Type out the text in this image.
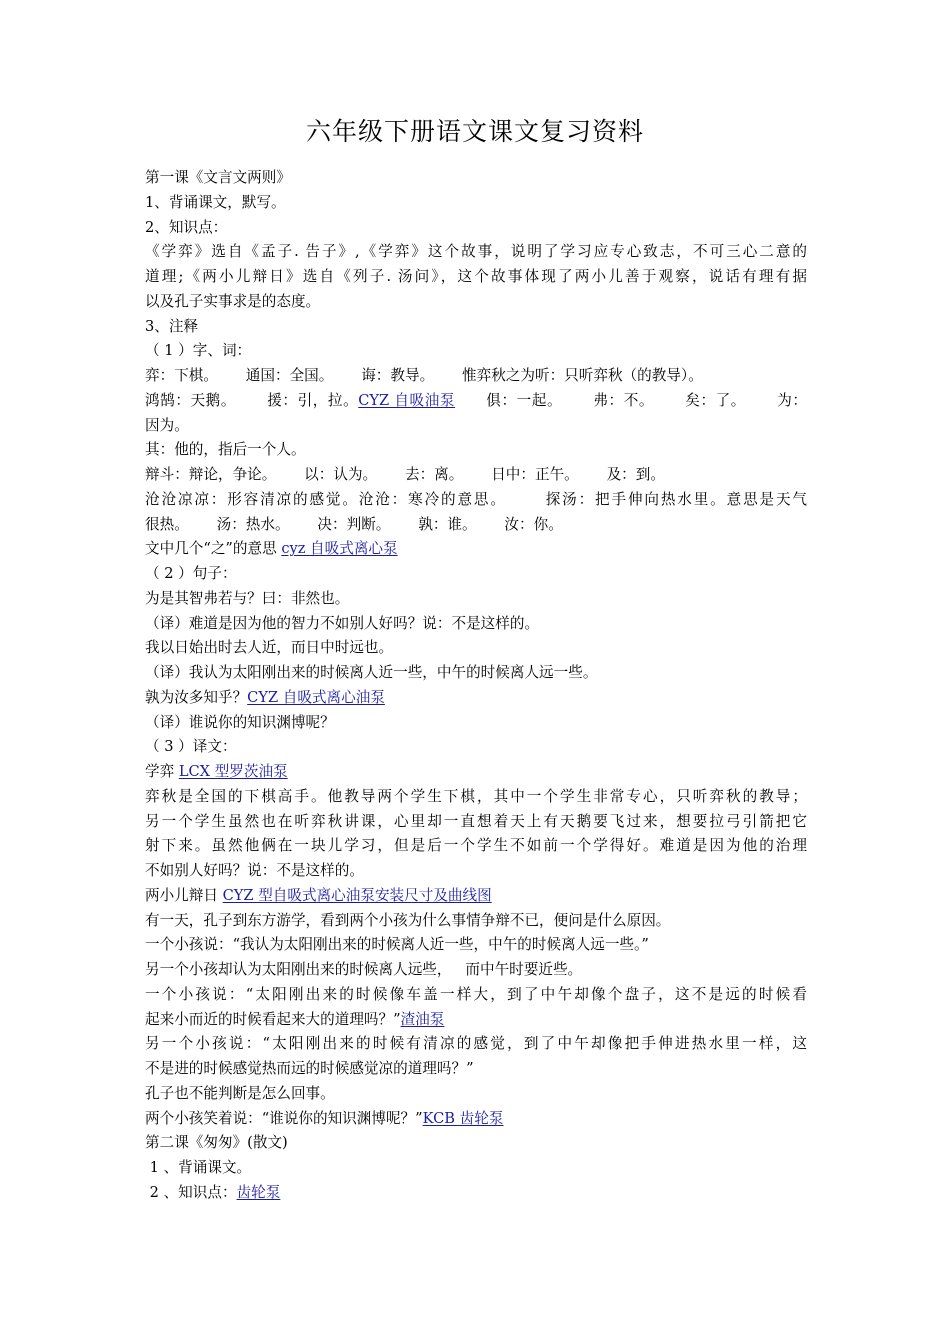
六年级下册语文课文复习资料

第一课《文言文两则》

1、背诵课文，默写。

2、知识点：

《学弈》选自《孟子. 告子》,《学弈》这个故事，说明了学习应专心致志，不可三心二意的

道理;《两小儿辩日》选自《列子. 汤问》，这个故事体现了两小儿善于观察，说话有理有据

以及孔子实事求是的态度。

3、注释

（ 1 ）字、词：

弈：下棋。      通国：全国。      诲：教导。      惟弈秋之为听：只听弈秋（的教导）。

鸿鹄：天鹅。      援：引，拉。CYZ 自吸油泵      俱：一起。      弗：不。      矣：了。      为：

因为。

其：他的，指后一个人。

辩斗：辩论，争论。      以：认为。      去：离。      日中：正午。      及：到。

沧沧凉凉：形容清凉的感觉。沧沧：寒冷的意思。      探汤：把手伸向热水里。意思是天气

很热。      汤：热水。      决：判断。      孰：谁。      汝：你。

文中几个“之”的意思 cyz 自吸式离心泵

（ 2 ）句子：

为是其智弗若与？曰：非然也。

（译）难道是因为他的智力不如别人好吗？说：不是这样的。

我以日始出时去人近，而日中时远也。

（译）我认为太阳刚出来的时候离人近一些，中午的时候离人远一些。

孰为汝多知乎？CYZ 自吸式离心油泵

（译）谁说你的知识渊博呢？

（ 3 ）译文：

学弈 LCX 型罗茨油泵

弈秋是全国的下棋高手。他教导两个学生下棋，其中一个学生非常专心，只听弈秋的教导；

另一个学生虽然也在听弈秋讲课，心里却一直想着天上有天鹅要飞过来，想要拉弓引箭把它

射下来。虽然他俩在一块儿学习，但是后一个学生不如前一个学得好。难道是因为他的治理

不如别人好吗？说：不是这样的。

两小儿辩日 CYZ 型自吸式离心油泵安装尺寸及曲线图

有一天，孔子到东方游学，看到两个小孩为什么事情争辩不已，便问是什么原因。

一个小孩说：“我认为太阳刚出来的时候离人近一些，中午的时候离人远一些。”

另一个小孩却认为太阳刚出来的时候离人远些，   而中午时要近些。

一个小孩说：“太阳刚出来的时候像车盖一样大，到了中午却像个盘子，这不是远的时候看

起来小而近的时候看起来大的道理吗？”渣油泵

另一个小孩说：“太阳刚出来的时候有清凉的感觉，到了中午却像把手伸进热水里一样，这

不是进的时候感觉热而远的时候感觉凉的道理吗？”

孔子也不能判断是怎么回事。

两个小孩笑着说：“谁说你的知识渊博呢？”KCB 齿轮泵

第二课《匆匆》(散文)

1 、背诵课文。

2 、知识点：齿轮泵
